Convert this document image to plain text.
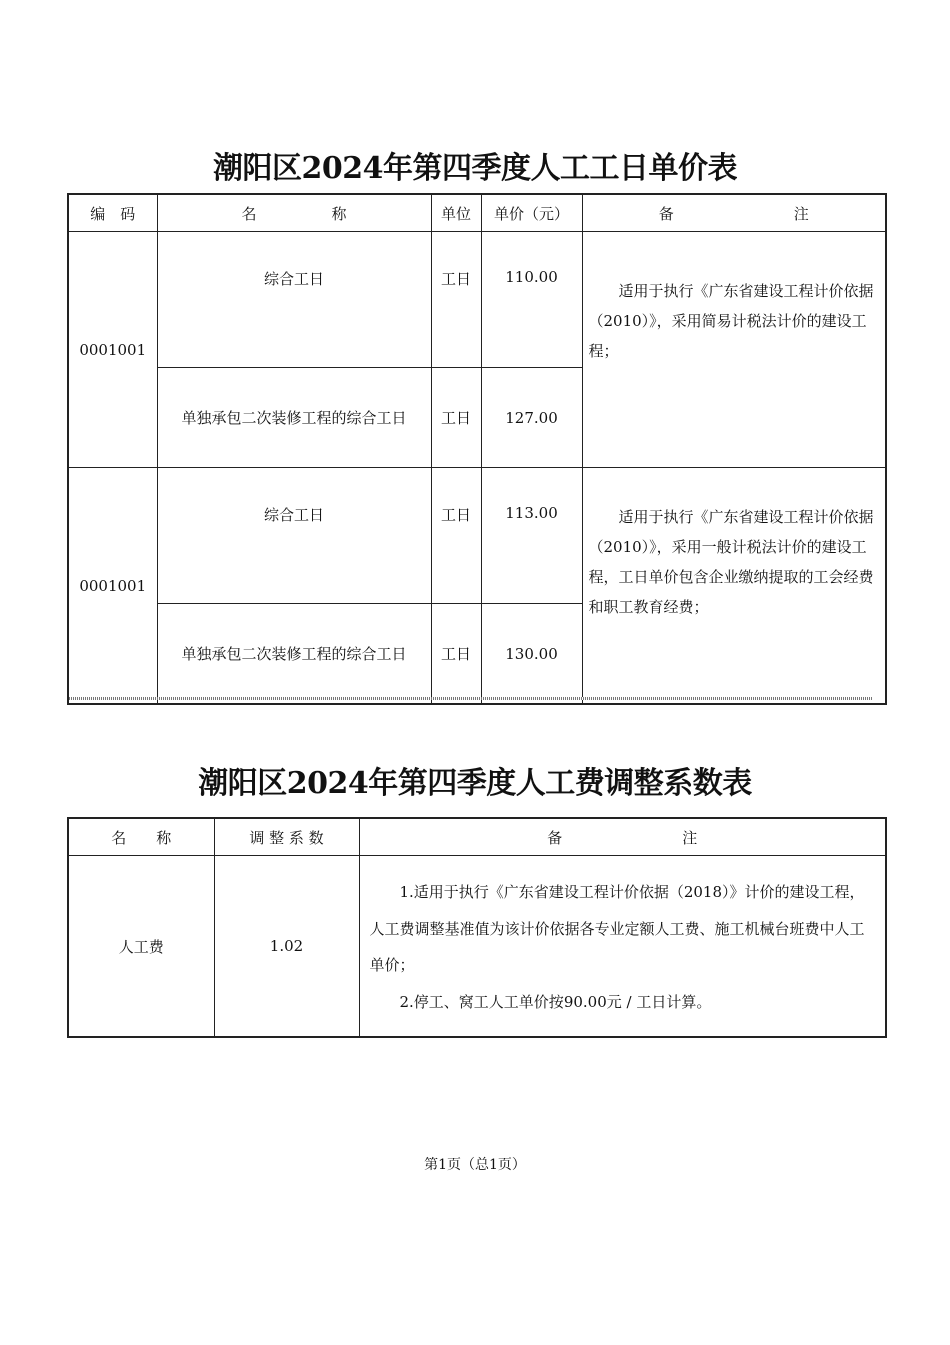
潮阳区2024年第四季度人工工日单价表
编　码	名　　　　　称	单位	单价（元）	备　　　　　　　　注
0001001	综合工日	工日	110.00	适用于执行《广东省建设工程计价依据（2010）》，采用简易计税法计价的建设工程；
	单独承包二次装修工程的综合工日	工日	127.00	
0001001	综合工日	工日	113.00	适用于执行《广东省建设工程计价依据（2010）》，采用一般计税法计价的建设工程，工日单价包含企业缴纳提取的工会经费和职工教育经费；
	单独承包二次装修工程的综合工日	工日	130.00	
潮阳区2024年第四季度人工费调整系数表
名　　称	调 整 系 数	备　　　　　　　　注
人工费	1.02	1.适用于执行《广东省建设工程计价依据（2018）》计价的建设工程，人工费调整基准值为该计价依据各专业定额人工费、施工机械台班费中人工单价；

2.停工、窝工人工单价按90.00元 / 工日计算。

第1页（总1页）
